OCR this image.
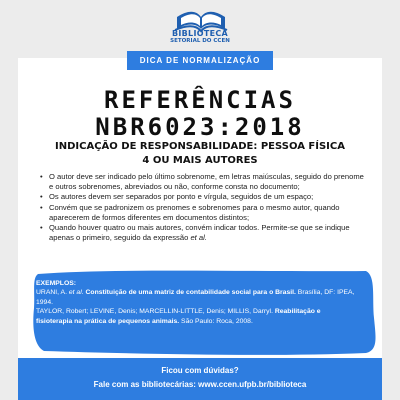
BIBLIOTECA
SETORIAL DO CCEN
DICA DE NORMALIZAÇÃO
REFERÊNCIAS
NBR6023:2018
INDICAÇÃO DE RESPONSABILIDADE: PESSOA FÍSICA
4 OU MAIS AUTORES
• O autor deve ser indicado pelo último sobrenome, em letras maiúsculas, seguido do prenome e outros sobrenomes, abreviados ou não, conforme consta no documento;
• Os autores devem ser separados por ponto e vírgula, seguidos de um espaço;
• Convém que se padronizem os prenomes e sobrenomes para o mesmo autor, quando aparecerem de formos diferentes em documentos distintos;
• Quando houver quatro ou mais autores, convém indicar todos. Permite-se que se indique apenas o primeiro, seguido da expressão et al.
EXEMPLOS:
URANI, A. et al. Constituição de uma matriz de contabilidade social para o Brasil. Brasília, DF: IPEA, 1994.
TAYLOR, Robert; LEVINE, Denis; MARCELLIN-LITTLE, Denis; MILLIS, Darryl. Reabilitação e fisioterapia na prática de pequenos animais. São Paulo: Roca, 2008.
Ficou com dúvidas?
Fale com as bibliotecárias: www.ccen.ufpb.br/biblioteca
